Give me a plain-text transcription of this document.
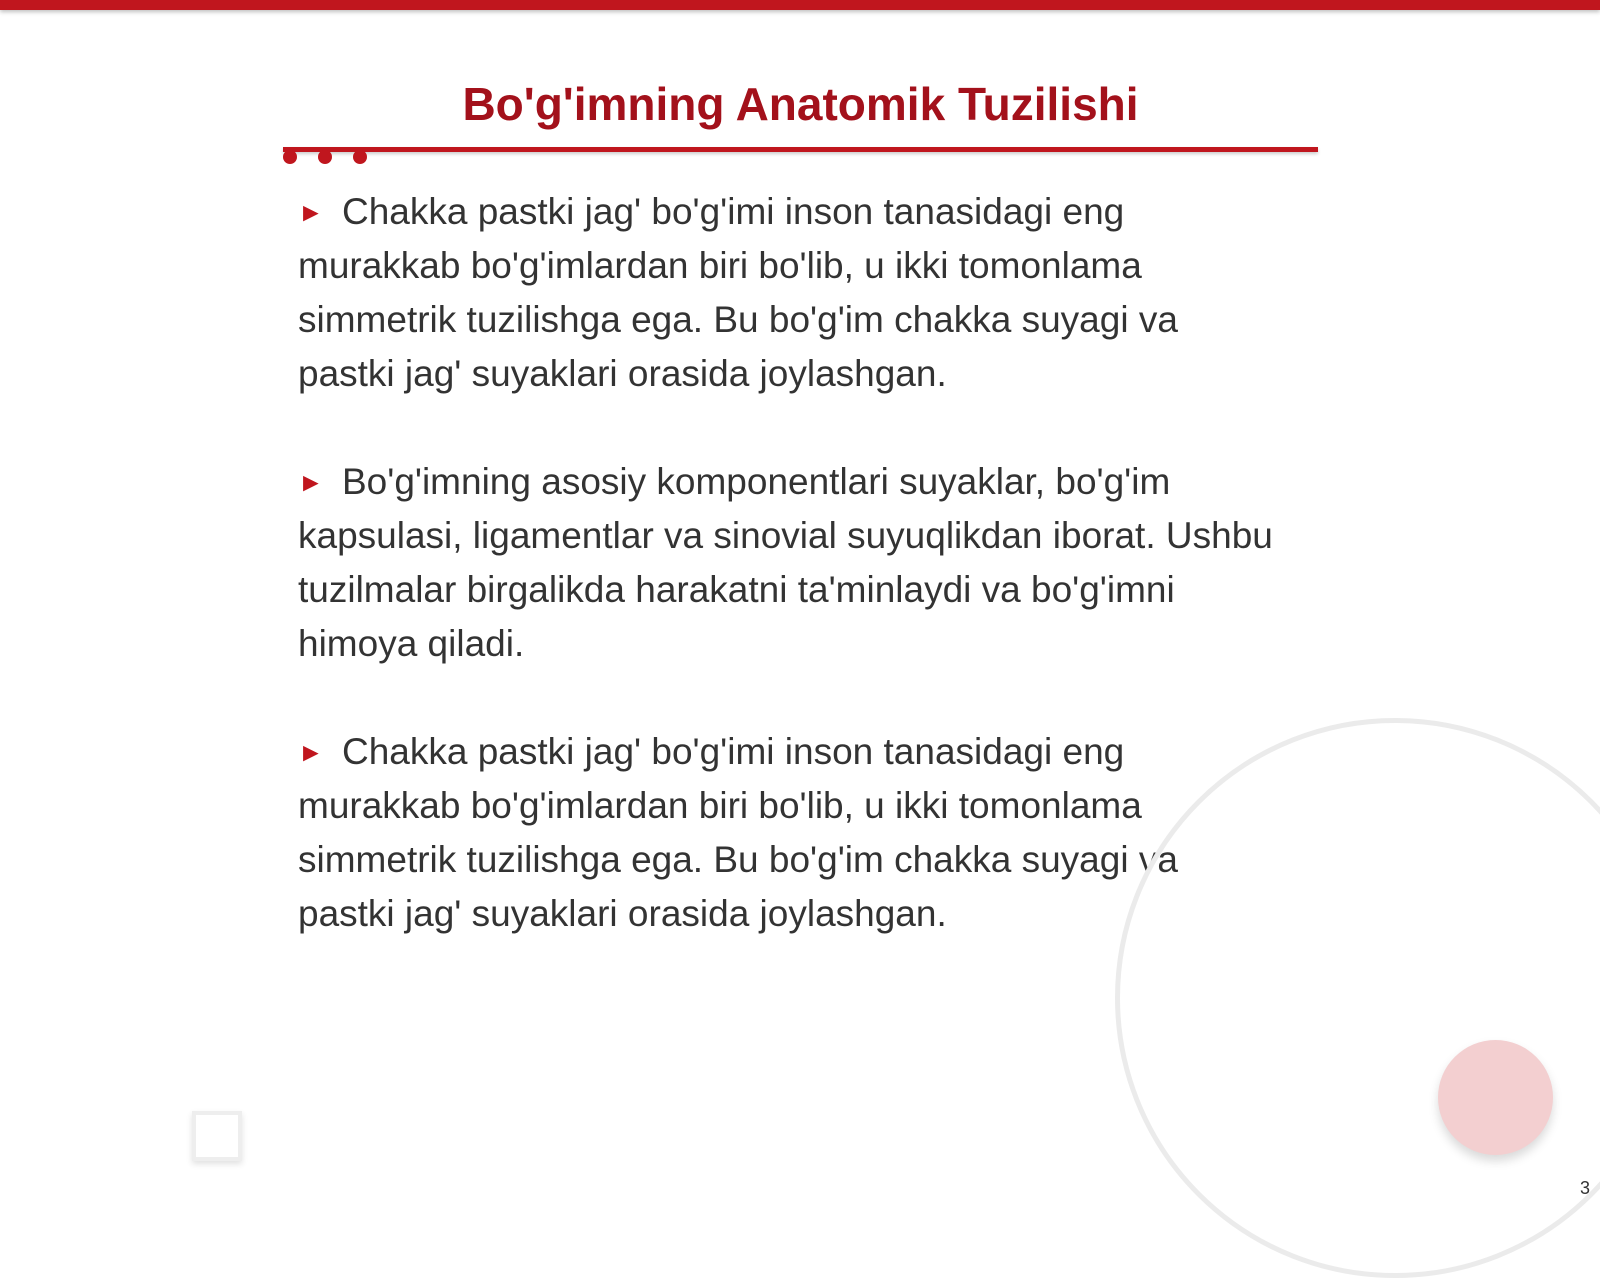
Bo'g'imning Anatomik Tuzilishi

► Chakka pastki jag' bo'g'imi inson tanasidagi eng murakkab bo'g'imlardan biri bo'lib, u ikki tomonlama simmetrik tuzilishga ega. Bu bo'g'im chakka suyagi va pastki jag' suyaklari orasida joylashgan.

► Bo'g'imning asosiy komponentlari suyaklar, bo'g'im kapsulasi, ligamentlar va sinovial suyuqlikdan iborat. Ushbu tuzilmalar birgalikda harakatni ta'minlaydi va bo'g'imni himoya qiladi.

► Chakka pastki jag' bo'g'imi inson tanasidagi eng murakkab bo'g'imlardan biri bo'lib, u ikki tomonlama simmetrik tuzilishga ega. Bu bo'g'im chakka suyagi va pastki jag' suyaklari orasida joylashgan.

3
